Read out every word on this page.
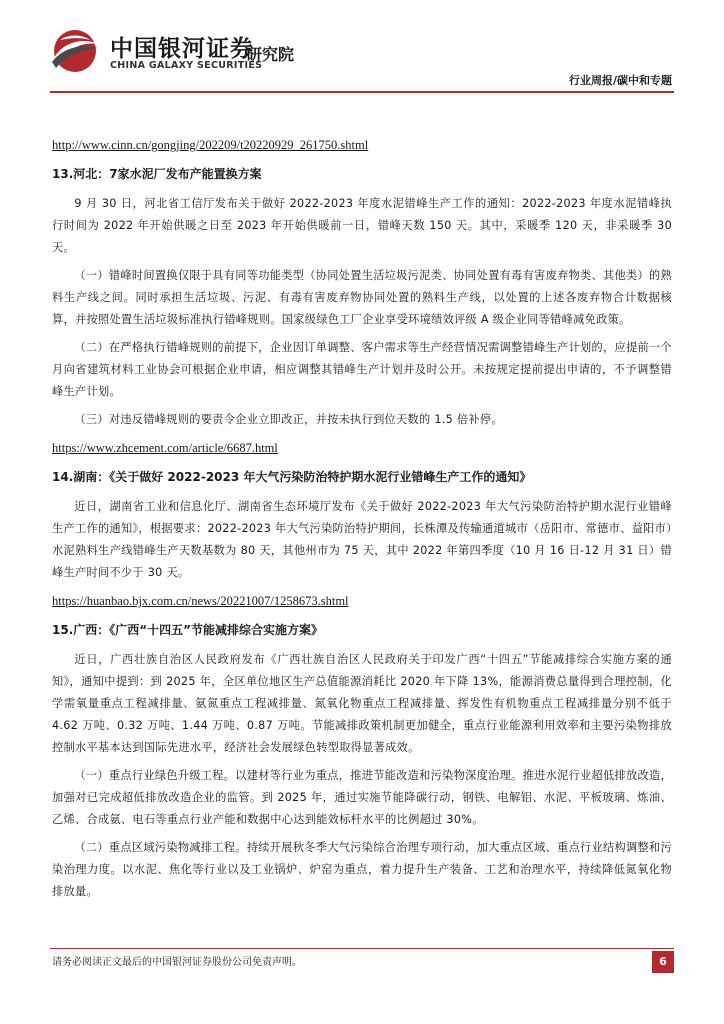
中国银河证券
CHINA GALAXY SECURITIES
研究院
行业周报/碳中和专题
http://www.cinn.cn/gongjing/202209/t20220929_261750.shtml
13.河北：7家水泥厂发布产能置换方案

9 月 30 日，河北省工信厅发布关于做好 2022-2023 年度水泥错峰生产工作的通知：2022-2023 年度水泥错峰执行时间为 2022 年开始供暖之日至 2023 年开始供暖前一日，错峰天数 150 天。其中，采暖季 120 天，非采暖季 30 天。

（一）错峰时间置换仅限于具有同等功能类型（协同处置生活垃圾污泥类、协同处置有毒有害废弃物类、其他类）的熟料生产线之间。同时承担生活垃圾、污泥、有毒有害废弃物协同处置的熟料生产线，以处置的上述各废弃物合计数据核算，并按照处置生活垃圾标准执行错峰规则。国家级绿色工厂企业享受环境绩效评级 A 级企业同等错峰减免政策。

（二）在严格执行错峰规则的前提下，企业因订单调整、客户需求等生产经营情况需调整错峰生产计划的，应提前一个月向省建筑材料工业协会可根据企业申请，相应调整其错峰生产计划并及时公开。未按规定提前提出申请的，不予调整错峰生产计划。

（三）对违反错峰规则的要责令企业立即改正，并按未执行到位天数的 1.5 倍补停。

https://www.zhcement.com/article/6687.html
14.湖南：《关于做好 2022-2023 年大气污染防治特护期水泥行业错峰生产工作的通知》

近日，湖南省工业和信息化厅、湖南省生态环境厅发布《关于做好 2022-2023 年大气污染防治特护期水泥行业错峰生产工作的通知》，根据要求：2022-2023 年大气污染防治特护期间，长株潭及传输通道城市（岳阳市、常德市、益阳市）水泥熟料生产线错峰生产天数基数为 80 天，其他州市为 75 天，其中 2022 年第四季度（10 月 16 日-12 月 31 日）错峰生产时间不少于 30 天。

https://huanbao.bjx.com.cn/news/20221007/1258673.shtml
15.广西：《广西“十四五”节能减排综合实施方案》

近日，广西壮族自治区人民政府发布《广西壮族自治区人民政府关于印发广西“十四五”节能减排综合实施方案的通知》，通知中提到：到 2025 年，全区单位地区生产总值能源消耗比 2020 年下降 13%，能源消费总量得到合理控制，化学需氧量重点工程减排量、氨氮重点工程减排量、氮氧化物重点工程减排量、挥发性有机物重点工程减排量分别不低于 4.62 万吨、0.32 万吨、1.44 万吨、0.87 万吨。节能减排政策机制更加健全，重点行业能源利用效率和主要污染物排放控制水平基本达到国际先进水平，经济社会发展绿色转型取得显著成效。

（一）重点行业绿色升级工程。以建材等行业为重点，推进节能改造和污染物深度治理。推进水泥行业超低排放改造，加强对已完成超低排放改造企业的监管。到 2025 年，通过实施节能降碳行动，钢铁、电解铝、水泥、平板玻璃、炼油、乙烯、合成氨、电石等重点行业产能和数据中心达到能效标杆水平的比例超过 30%。

（二）重点区域污染物减排工程。持续开展秋冬季大气污染综合治理专项行动，加大重点区域、重点行业结构调整和污染治理力度。以水泥、焦化等行业以及工业锅炉、炉窑为重点，着力提升生产装备、工艺和治理水平，持续降低氮氧化物排放量。

请务必阅读正文最后的中国银河证券股份公司免责声明。	6
